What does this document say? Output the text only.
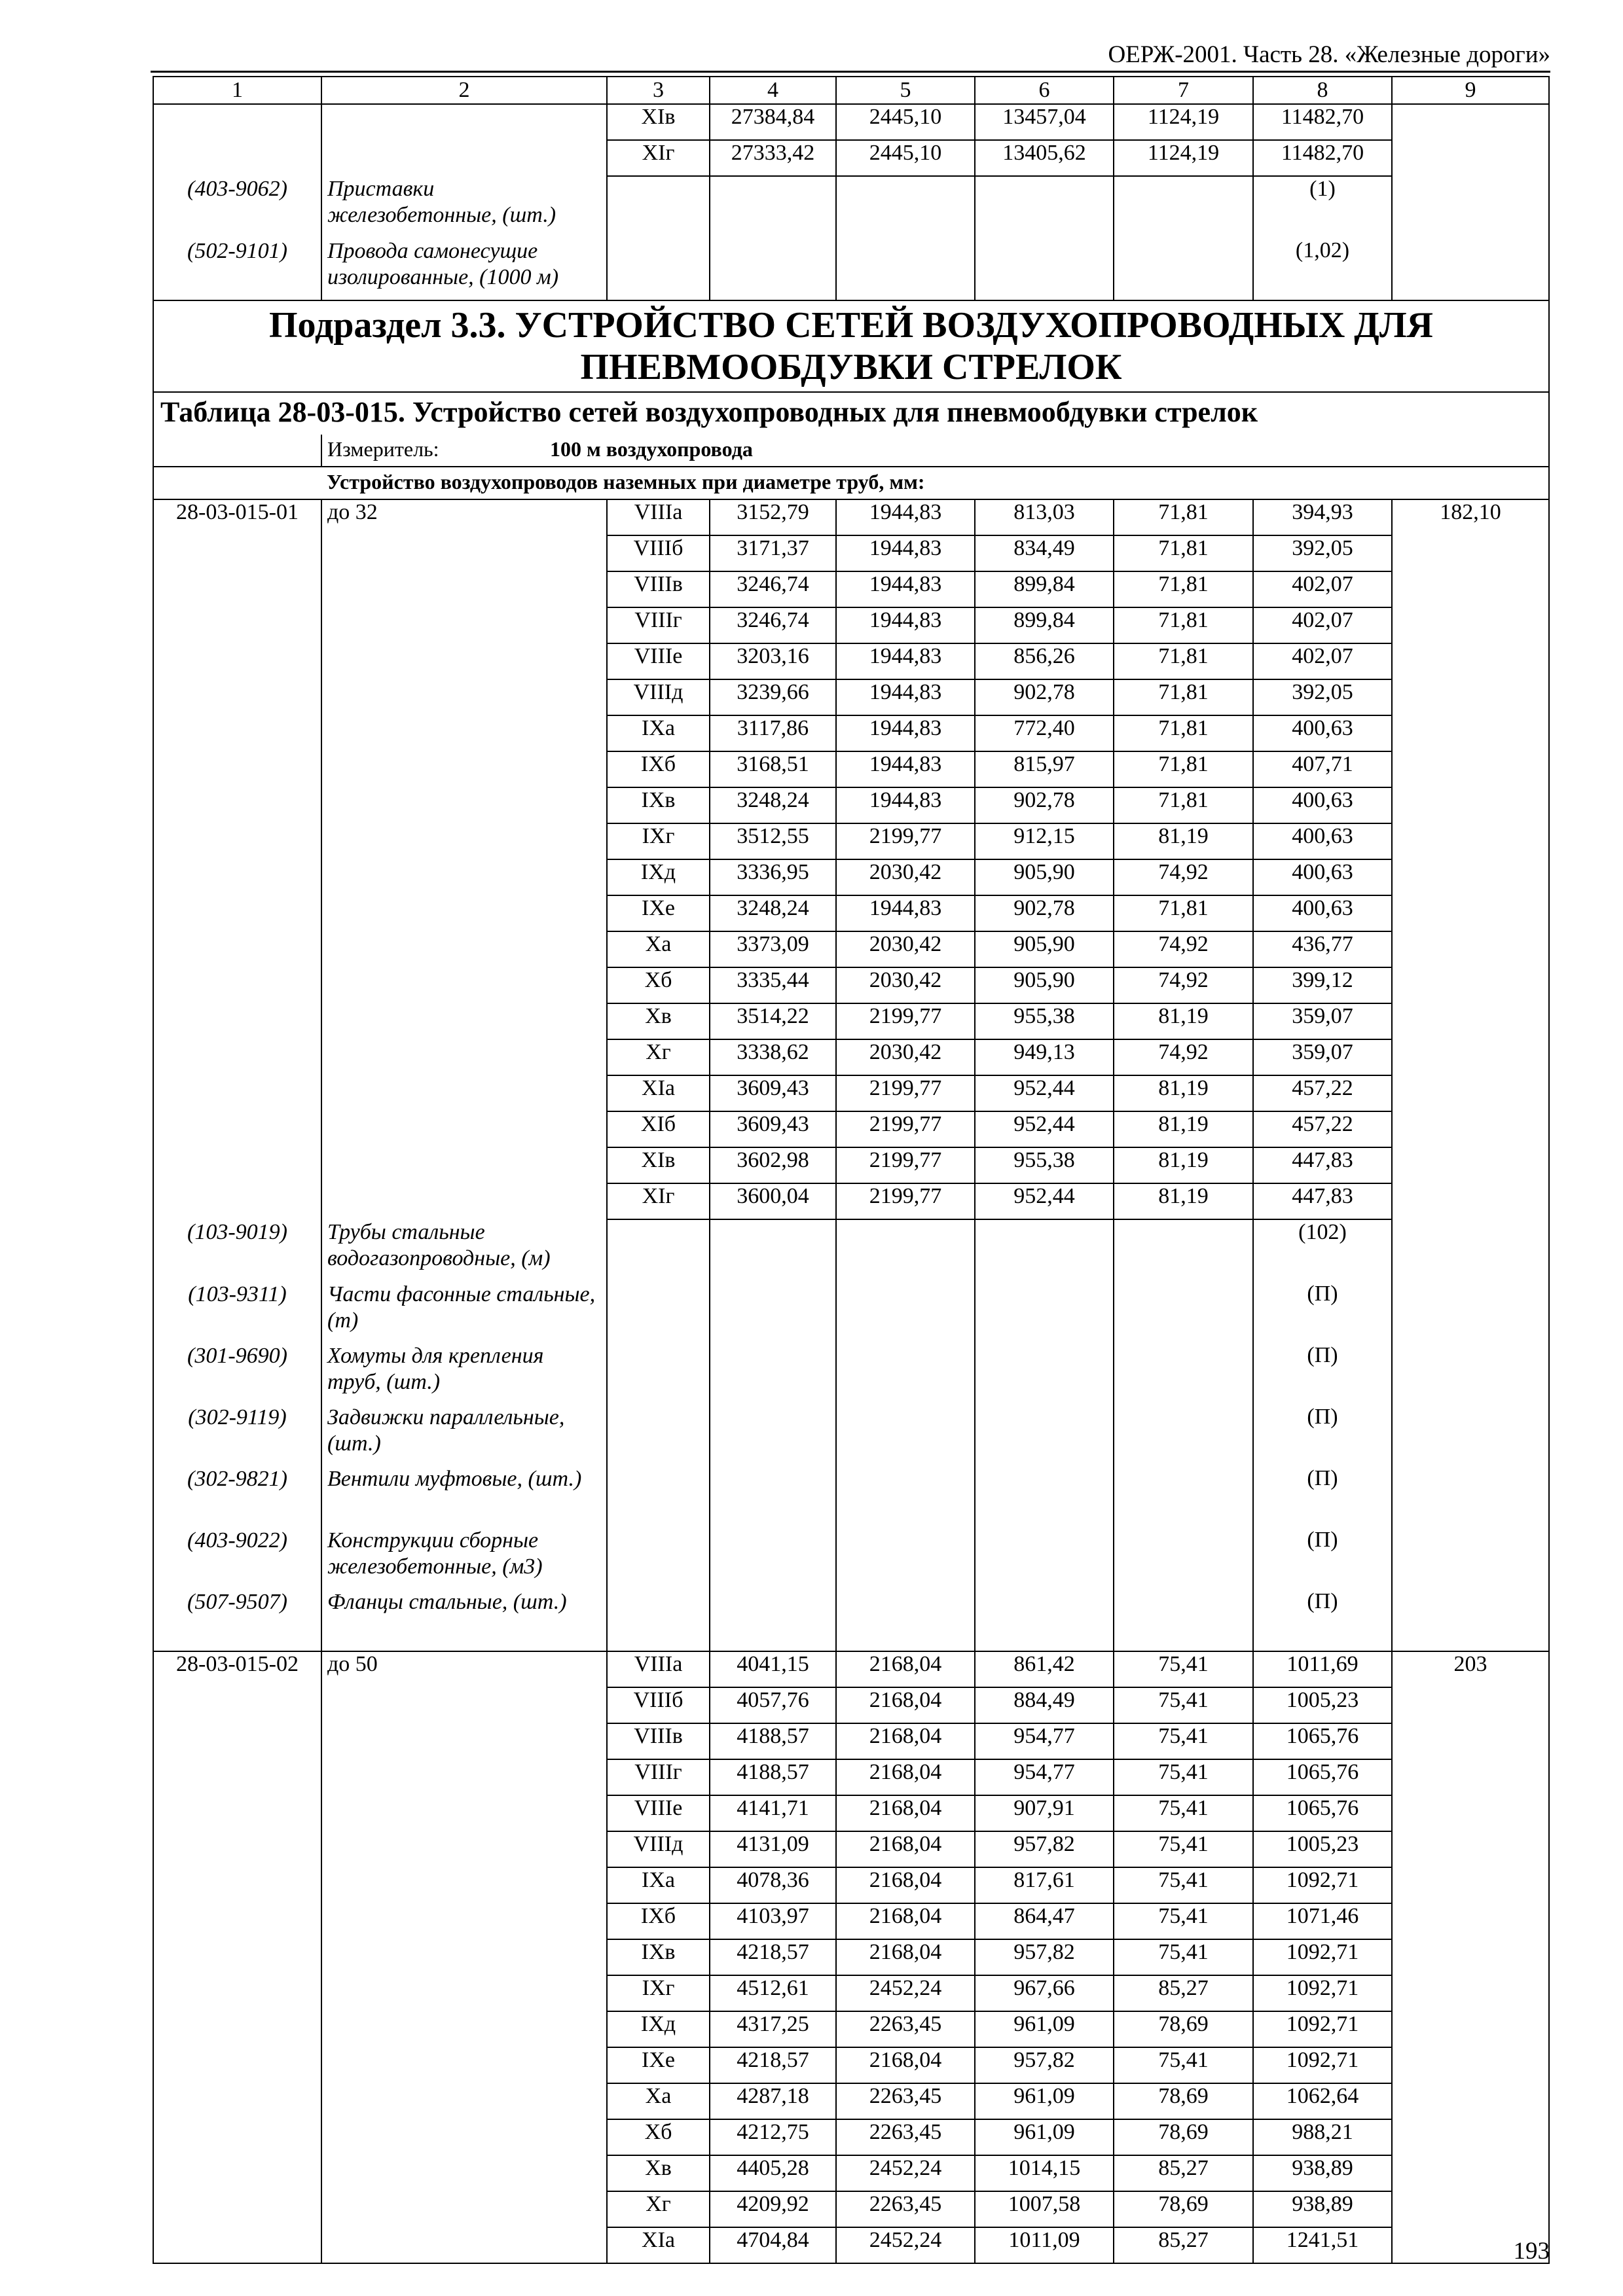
ОЕРЖ-2001. Часть 28. «Железные дороги»
1	2	3	4	5	6	7	8	9
		XIв	27384,84	2445,10	13457,04	1124,19	11482,70	
		XIг	27333,42	2445,10	13405,62	1124,19	11482,70	
(403-9062)	Приставки железобетонные, (шт.)						(1)	
(502-9101)	Провода самонесущие изолированные, (1000 м)						(1,02)	
Подраздел 3.3. УСТРОЙСТВО СЕТЕЙ ВОЗДУХОПРОВОДНЫХ ДЛЯ ПНЕВМООБДУВКИ СТРЕЛОК								
Таблица 28-03-015. Устройство сетей воздухопроводных для пневмообдувки стрелок								
	Измеритель: 100 м воздухопровода							
	Устройство воздухопроводов наземных при диаметре труб, мм:							
28-03-015-01	до 32	VIIIа	3152,79	1944,83	813,03	71,81	394,93	182,10
		VIIIб	3171,37	1944,83	834,49	71,81	392,05	
		VIIIв	3246,74	1944,83	899,84	71,81	402,07	
		VIIIг	3246,74	1944,83	899,84	71,81	402,07	
		VIIIе	3203,16	1944,83	856,26	71,81	402,07	
		VIIIд	3239,66	1944,83	902,78	71,81	392,05	
		IXа	3117,86	1944,83	772,40	71,81	400,63	
		IXб	3168,51	1944,83	815,97	71,81	407,71	
		IXв	3248,24	1944,83	902,78	71,81	400,63	
		IXг	3512,55	2199,77	912,15	81,19	400,63	
		IXд	3336,95	2030,42	905,90	74,92	400,63	
		IXе	3248,24	1944,83	902,78	71,81	400,63	
		Xа	3373,09	2030,42	905,90	74,92	436,77	
		Xб	3335,44	2030,42	905,90	74,92	399,12	
		Xв	3514,22	2199,77	955,38	81,19	359,07	
		Xг	3338,62	2030,42	949,13	74,92	359,07	
		XIа	3609,43	2199,77	952,44	81,19	457,22	
		XIб	3609,43	2199,77	952,44	81,19	457,22	
		XIв	3602,98	2199,77	955,38	81,19	447,83	
		XIг	3600,04	2199,77	952,44	81,19	447,83	
(103-9019)	Трубы стальные водогазопроводные, (м)						(102)	
(103-9311)	Части фасонные стальные, (т)						(П)	
(301-9690)	Хомуты для крепления труб, (шт.)						(П)	
(302-9119)	Задвижки параллельные, (шт.)						(П)	
(302-9821)	Вентили муфтовые, (шт.)						(П)	
(403-9022)	Конструкции сборные железобетонные, (м3)						(П)	
(507-9507)	Фланцы стальные, (шт.)						(П)	
28-03-015-02	до 50	VIIIа	4041,15	2168,04	861,42	75,41	1011,69	203
		VIIIб	4057,76	2168,04	884,49	75,41	1005,23	
		VIIIв	4188,57	2168,04	954,77	75,41	1065,76	
		VIIIг	4188,57	2168,04	954,77	75,41	1065,76	
		VIIIе	4141,71	2168,04	907,91	75,41	1065,76	
		VIIIд	4131,09	2168,04	957,82	75,41	1005,23	
		IXа	4078,36	2168,04	817,61	75,41	1092,71	
		IXб	4103,97	2168,04	864,47	75,41	1071,46	
		IXв	4218,57	2168,04	957,82	75,41	1092,71	
		IXг	4512,61	2452,24	967,66	85,27	1092,71	
		IXд	4317,25	2263,45	961,09	78,69	1092,71	
		IXе	4218,57	2168,04	957,82	75,41	1092,71	
		Xа	4287,18	2263,45	961,09	78,69	1062,64	
		Xб	4212,75	2263,45	961,09	78,69	988,21	
		Xв	4405,28	2452,24	1014,15	85,27	938,89	
		Xг	4209,92	2263,45	1007,58	78,69	938,89	
		XIа	4704,84	2452,24	1011,09	85,27	1241,51		193
